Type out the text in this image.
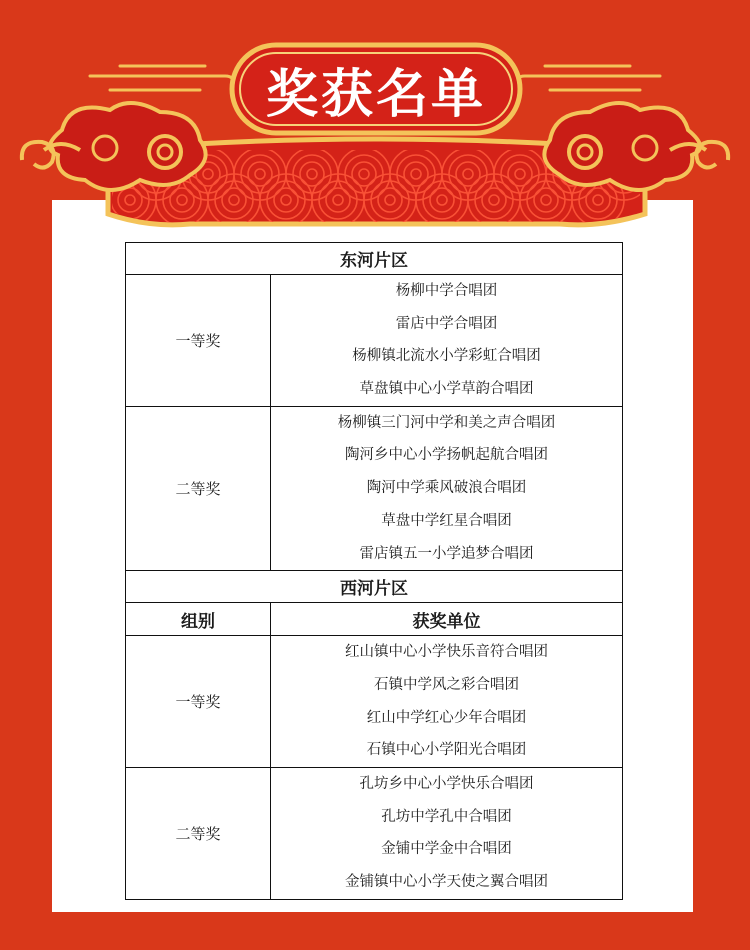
奖获名单
东河片区	
一等奖	杨柳中学合唱团
雷店中学合唱团
杨柳镇北流水小学彩虹合唱团
草盘镇中心小学草韵合唱团

二等奖	杨柳镇三门河中学和美之声合唱团
陶河乡中心小学扬帆起航合唱团
陶河中学乘风破浪合唱团
草盘中学红星合唱团
雷店镇五一小学追梦合唱团

西河片区	
组别	获奖单位
一等奖	红山镇中心小学快乐音符合唱团
石镇中学风之彩合唱团
红山中学红心少年合唱团
石镇中心小学阳光合唱团

二等奖	孔坊乡中心小学快乐合唱团
孔坊中学孔中合唱团
金铺中学金中合唱团
金铺镇中心小学天使之翼合唱团
